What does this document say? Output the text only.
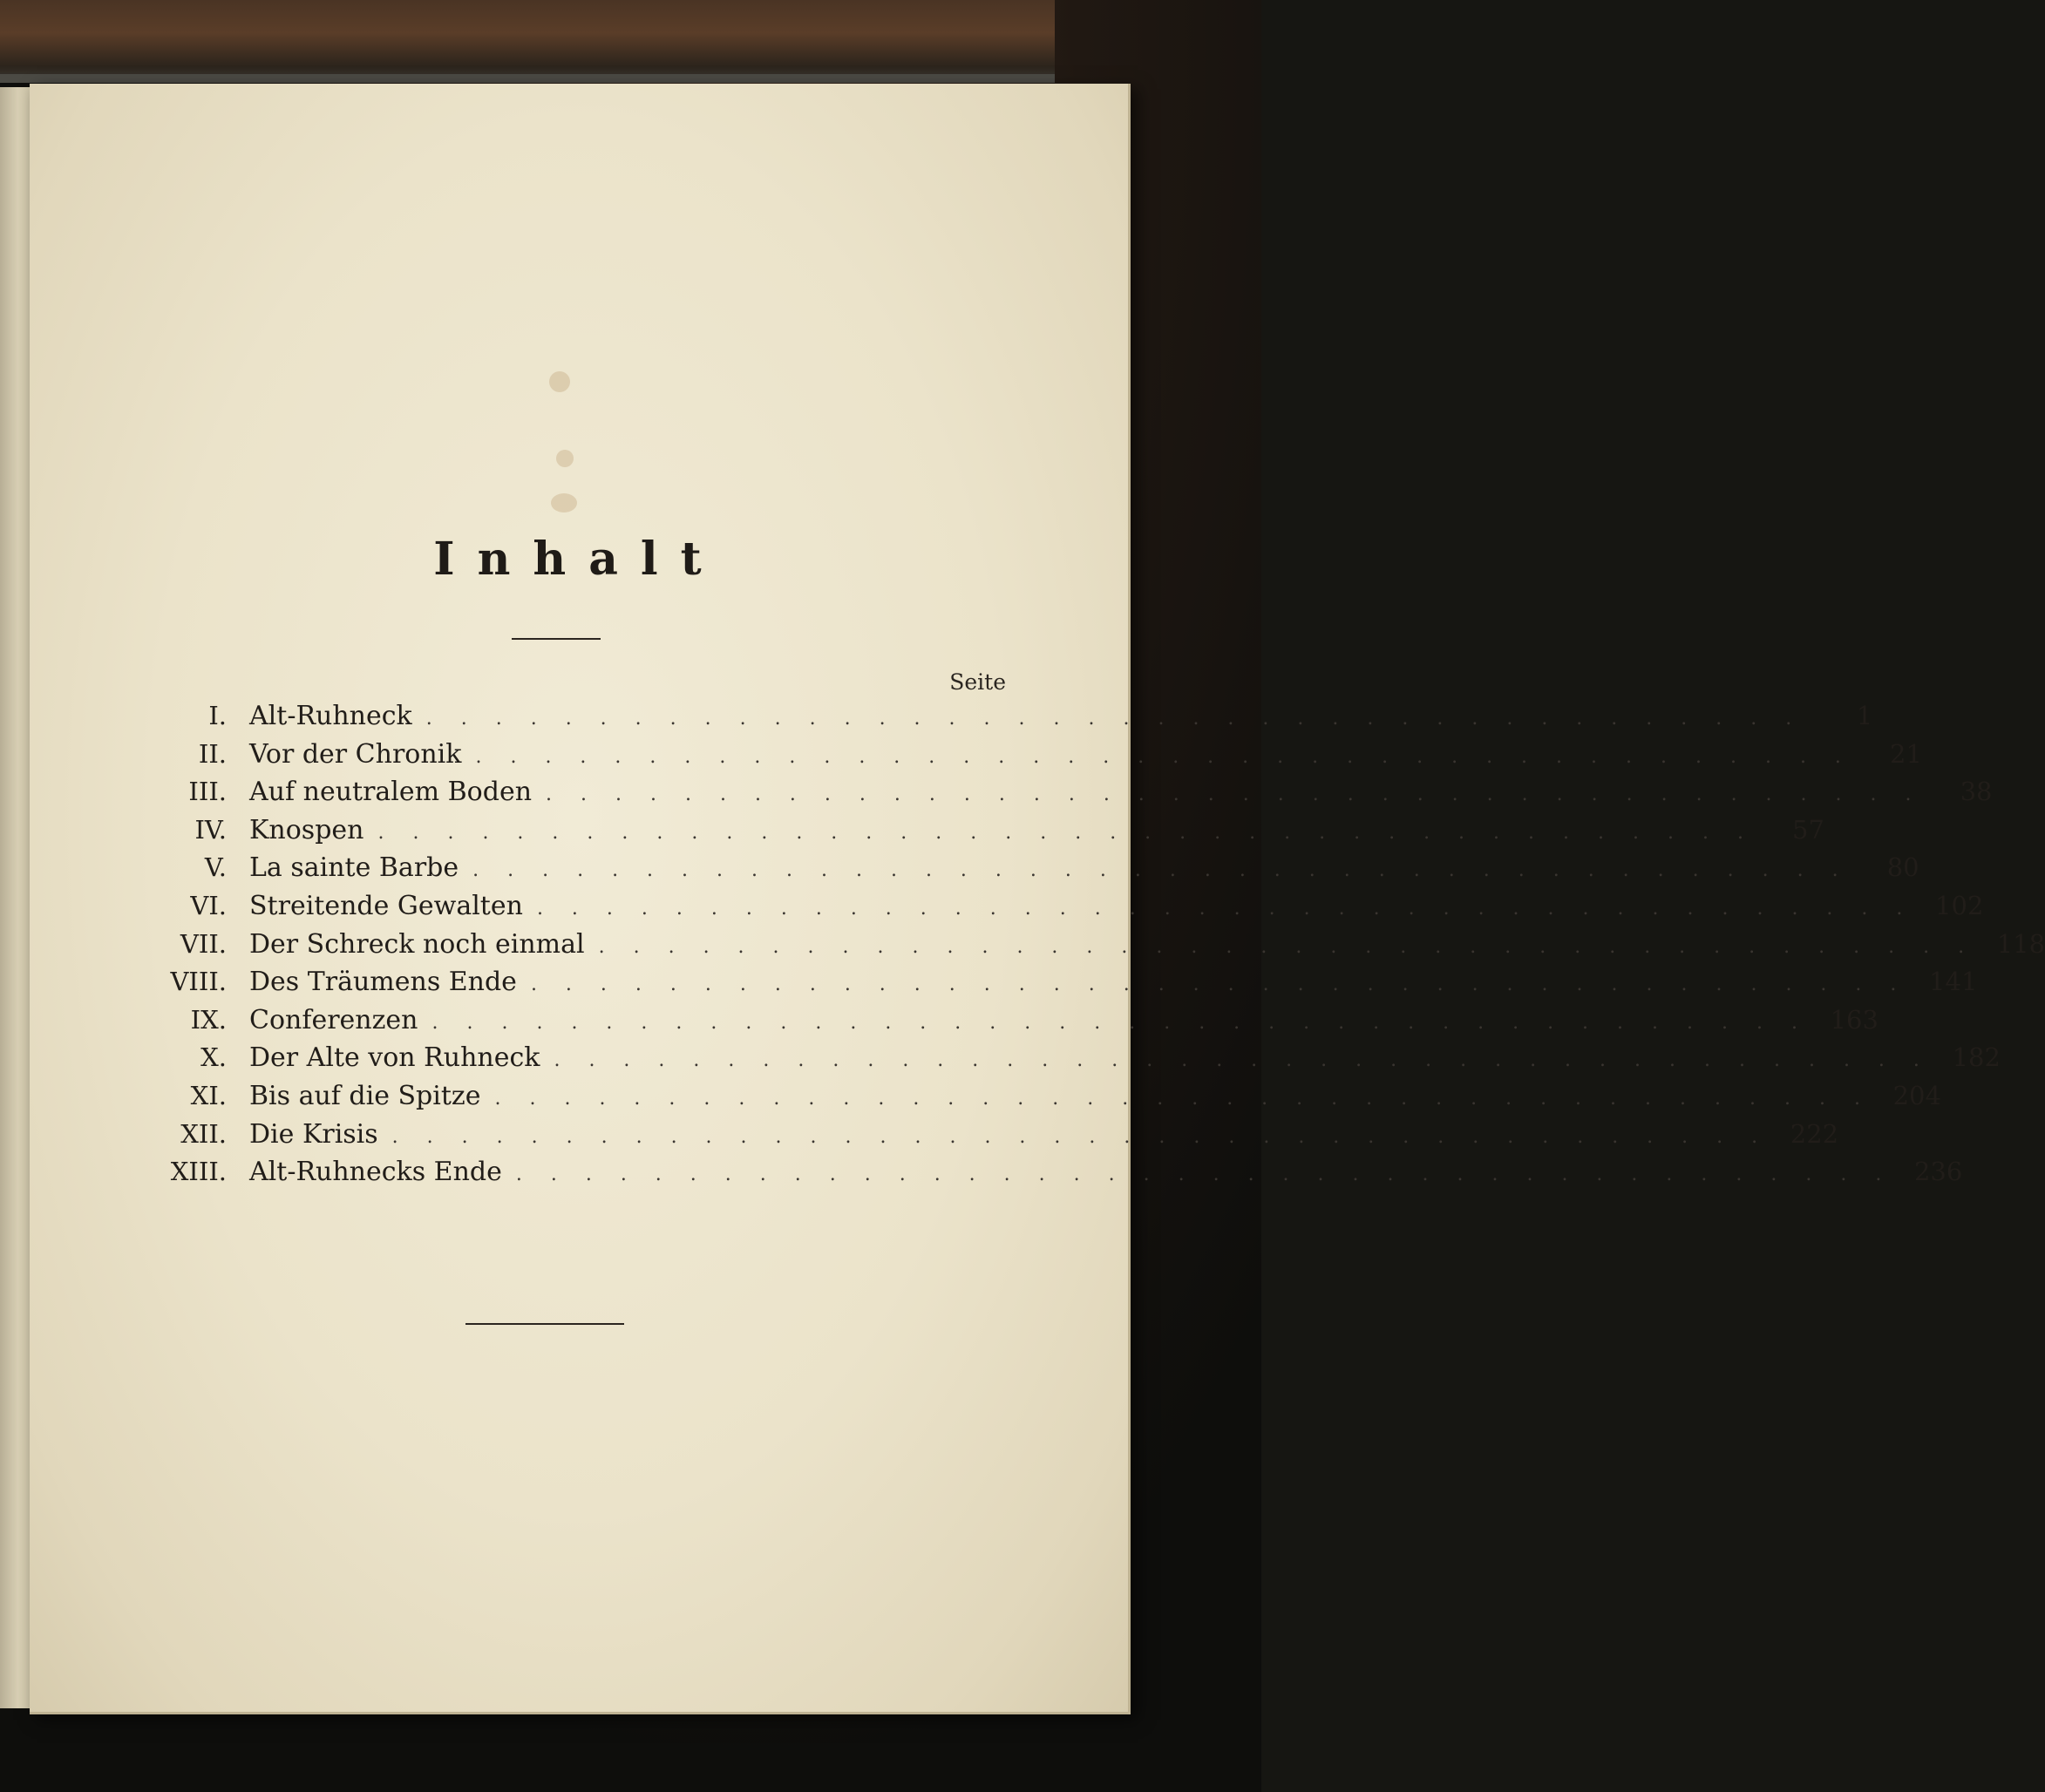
Inhalt
Seite
I. Alt-Ruhneck . . . . . . . . . . . . . . . . . . . . . . . . . . . . . . . . . . . . . . . .	1
II. Vor der Chronik . . . . . . . . . . . . . . . . . . . . . . . . . . . . . . . . . . . . . . . .	21
III. Auf neutralem Boden . . . . . . . . . . . . . . . . . . . . . . . . . . . . . . . . . . . . . . . .	38
IV. Knospen . . . . . . . . . . . . . . . . . . . . . . . . . . . . . . . . . . . . . . . .	57
V. La sainte Barbe . . . . . . . . . . . . . . . . . . . . . . . . . . . . . . . . . . . . . . . .	80
VI. Streitende Gewalten . . . . . . . . . . . . . . . . . . . . . . . . . . . . . . . . . . . . . . . . 102
VII. Der Schreck noch einmal . . . . . . . . . . . . . . . . . . . . . . . . . . . . . . . . . . . . . . . . 118
VIII. Des Träumens Ende . . . . . . . . . . . . . . . . . . . . . . . . . . . . . . . . . . . . . . . . 141
IX. Conferenzen . . . . . . . . . . . . . . . . . . . . . . . . . . . . . . . . . . . . . . . . 163
X. Der Alte von Ruhneck . . . . . . . . . . . . . . . . . . . . . . . . . . . . . . . . . . . . . . . . 182
XI. Bis auf die Spitze . . . . . . . . . . . . . . . . . . . . . . . . . . . . . . . . . . . . . . . . 204
XII. Die Krisis . . . . . . . . . . . . . . . . . . . . . . . . . . . . . . . . . . . . . . . . 222
XIII. Alt-Ruhnecks Ende . . . . . . . . . . . . . . . . . . . . . . . . . . . . . . . . . . . . . . . . 236
